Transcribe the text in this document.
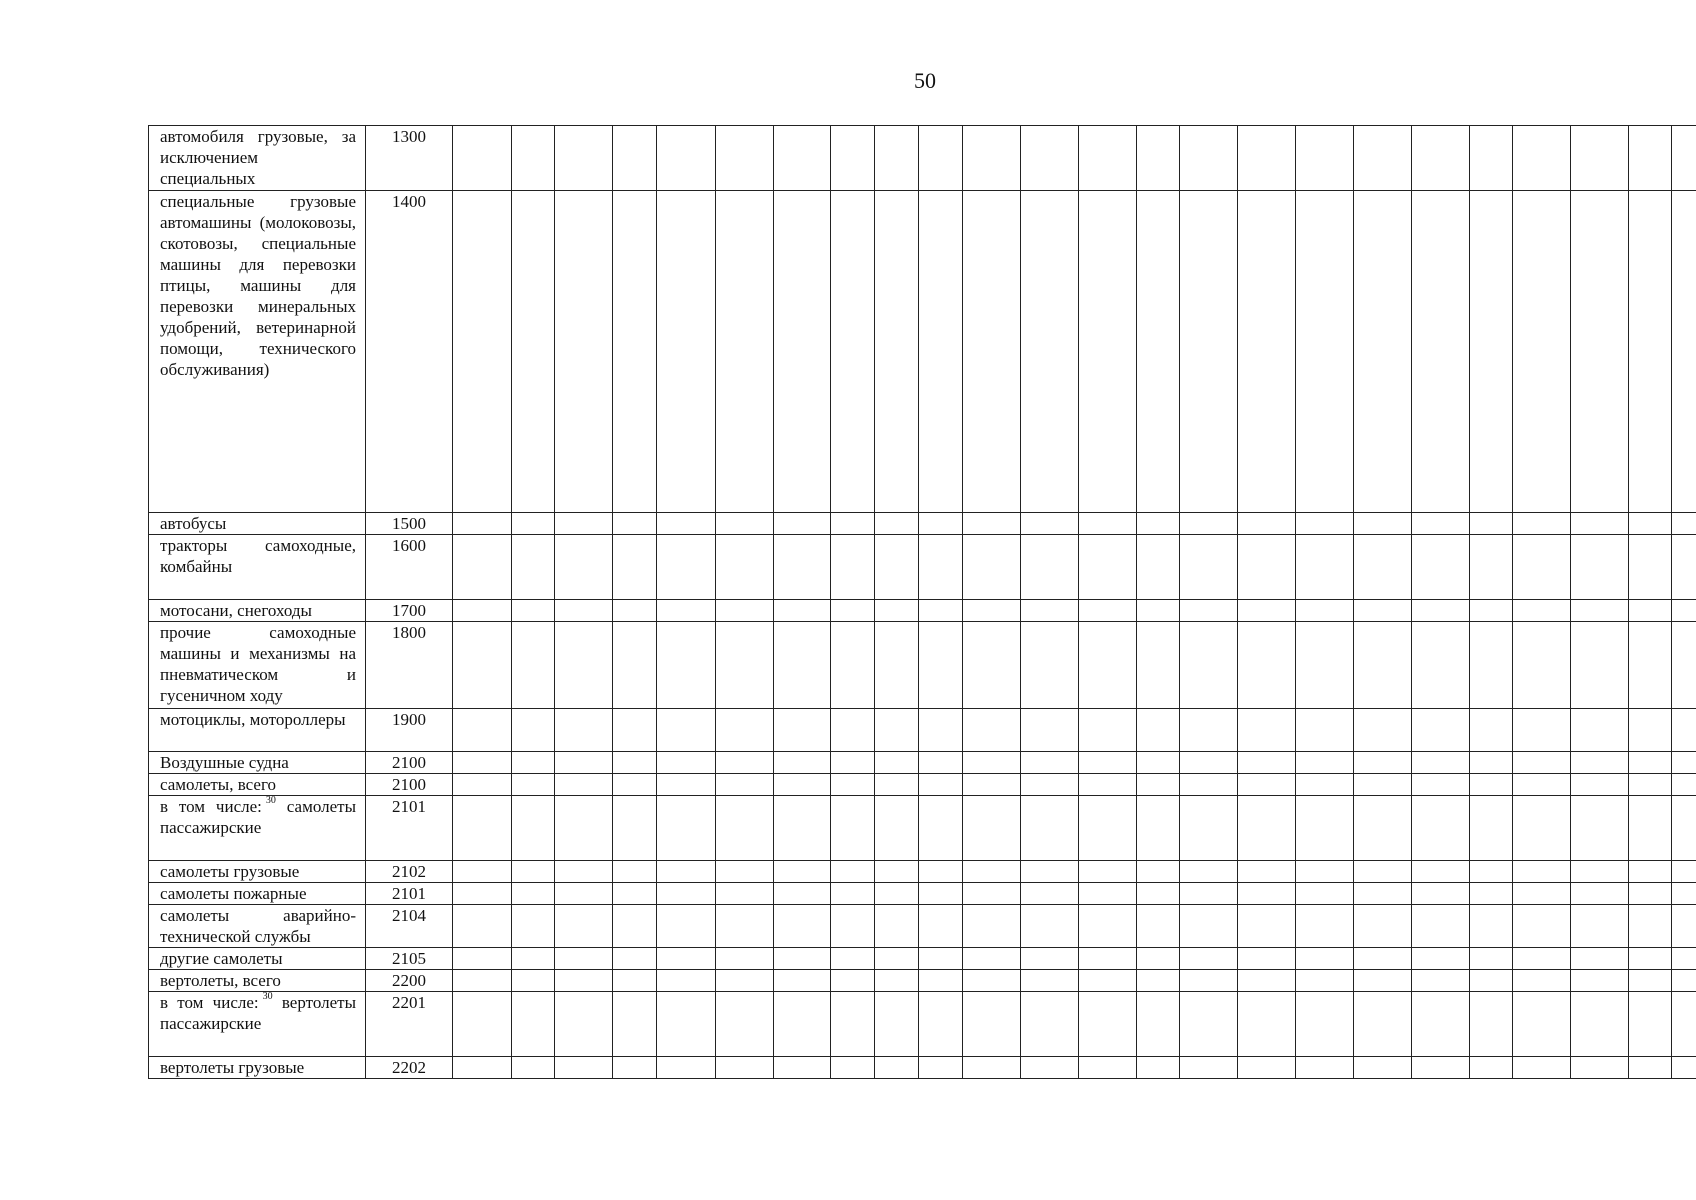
50
автомобиля грузовые, за исключением специальных	1300																									
специальные грузовые автомашины (молоковозы, скотовозы, специальные машины для перевозки птицы, машины для перевозки минеральных удобрений, ветеринарной помощи, технического обслуживания)	1400																									
автобусы	1500																									
тракторы самоходные, комбайны	1600																									
мотосани, снегоходы	1700																									
прочие самоходные машины и механизмы на пневматическом и гусеничном ходу	1800																									
мотоциклы, мотороллеры	1900																									
Воздушные судна	2100																									
самолеты, всего	2100																									
в том числе: $^{30}$ самолеты пассажирские	2101																									
самолеты грузовые	2102																									
самолеты пожарные	2101																									
самолеты аварийно-технической службы	2104																									
другие самолеты	2105																									
вертолеты, всего	2200																									
в том числе: $^{30}$ вертолеты пассажирские	2201																									
вертолеты грузовые	2202																									
